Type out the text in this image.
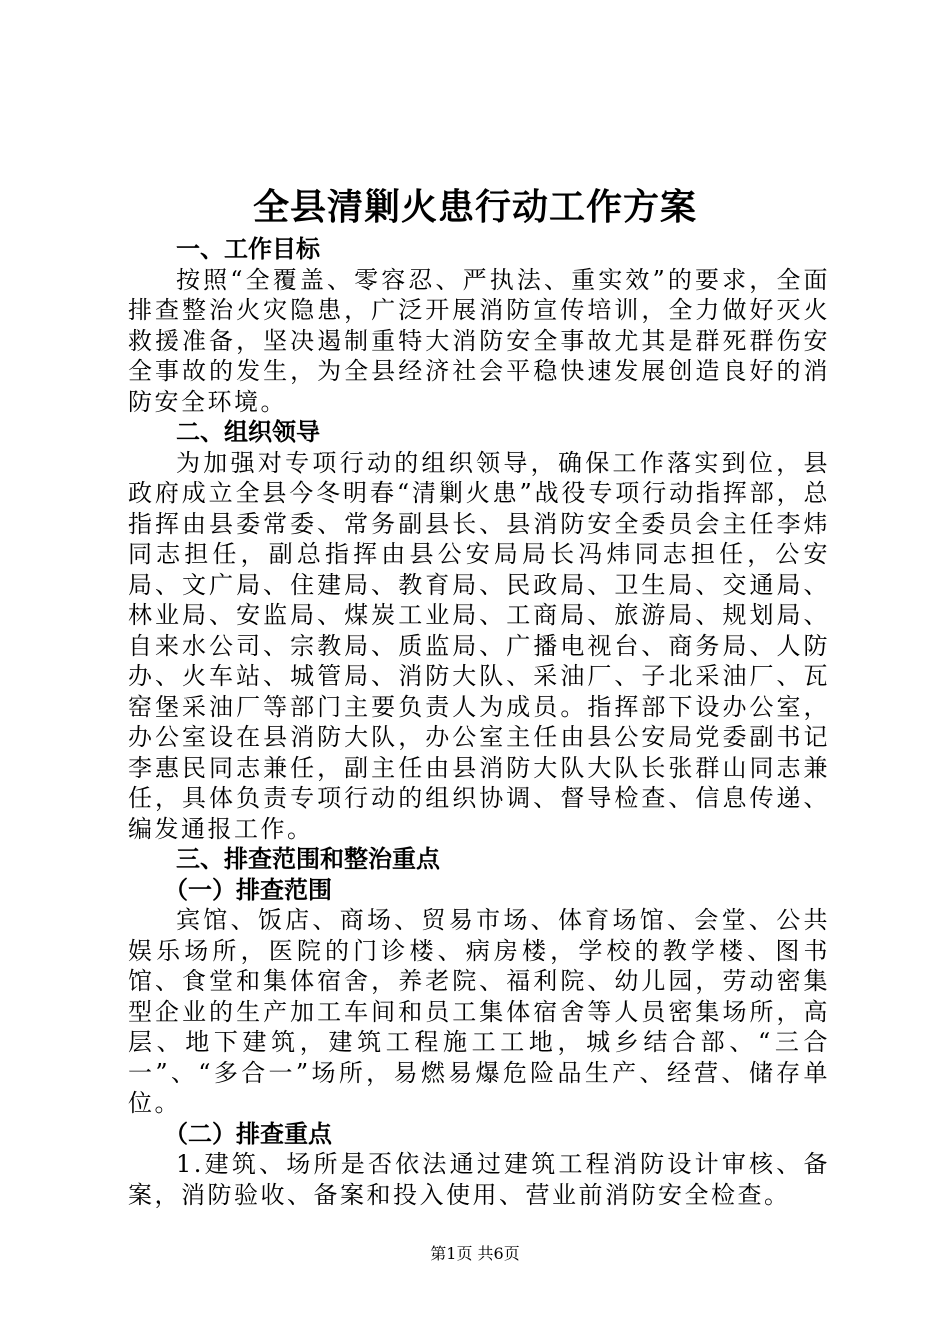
全县清剿火患行动工作方案

一、工作目标

按照“全覆盖、零容忍、严执法、重实效”的要求，全面排查整治火灾隐患，广泛开展消防宣传培训，全力做好灭火救援准备，坚决遏制重特大消防安全事故尤其是群死群伤安全事故的发生，为全县经济社会平稳快速发展创造良好的消防安全环境。

二、组织领导

为加强对专项行动的组织领导，确保工作落实到位，县政府成立全县今冬明春“清剿火患”战役专项行动指挥部，总指挥由县委常委、常务副县长、县消防安全委员会主任李炜同志担任，副总指挥由县公安局局长冯炜同志担任，公安局、文广局、住建局、教育局、民政局、卫生局、交通局、林业局、安监局、煤炭工业局、工商局、旅游局、规划局、自来水公司、宗教局、质监局、广播电视台、商务局、人防办、火车站、城管局、消防大队、采油厂、子北采油厂、瓦窑堡采油厂等部门主要负责人为成员。指挥部下设办公室，办公室设在县消防大队，办公室主任由县公安局党委副书记李惠民同志兼任，副主任由县消防大队大队长张群山同志兼任，具体负责专项行动的组织协调、督导检查、信息传递、编发通报工作。

三、排查范围和整治重点

（一）排查范围

宾馆、饭店、商场、贸易市场、体育场馆、会堂、公共娱乐场所，医院的门诊楼、病房楼，学校的教学楼、图书馆、食堂和集体宿舍，养老院、福利院、幼儿园，劳动密集型企业的生产加工车间和员工集体宿舍等人员密集场所，高层、地下建筑，建筑工程施工工地，城乡结合部、“三合一”、“多合一”场所，易燃易爆危险品生产、经营、储存单位。

（二）排查重点

1.建筑、场所是否依法通过建筑工程消防设计审核、备案，消防验收、备案和投入使用、营业前消防安全检查。

第1页 共6页
